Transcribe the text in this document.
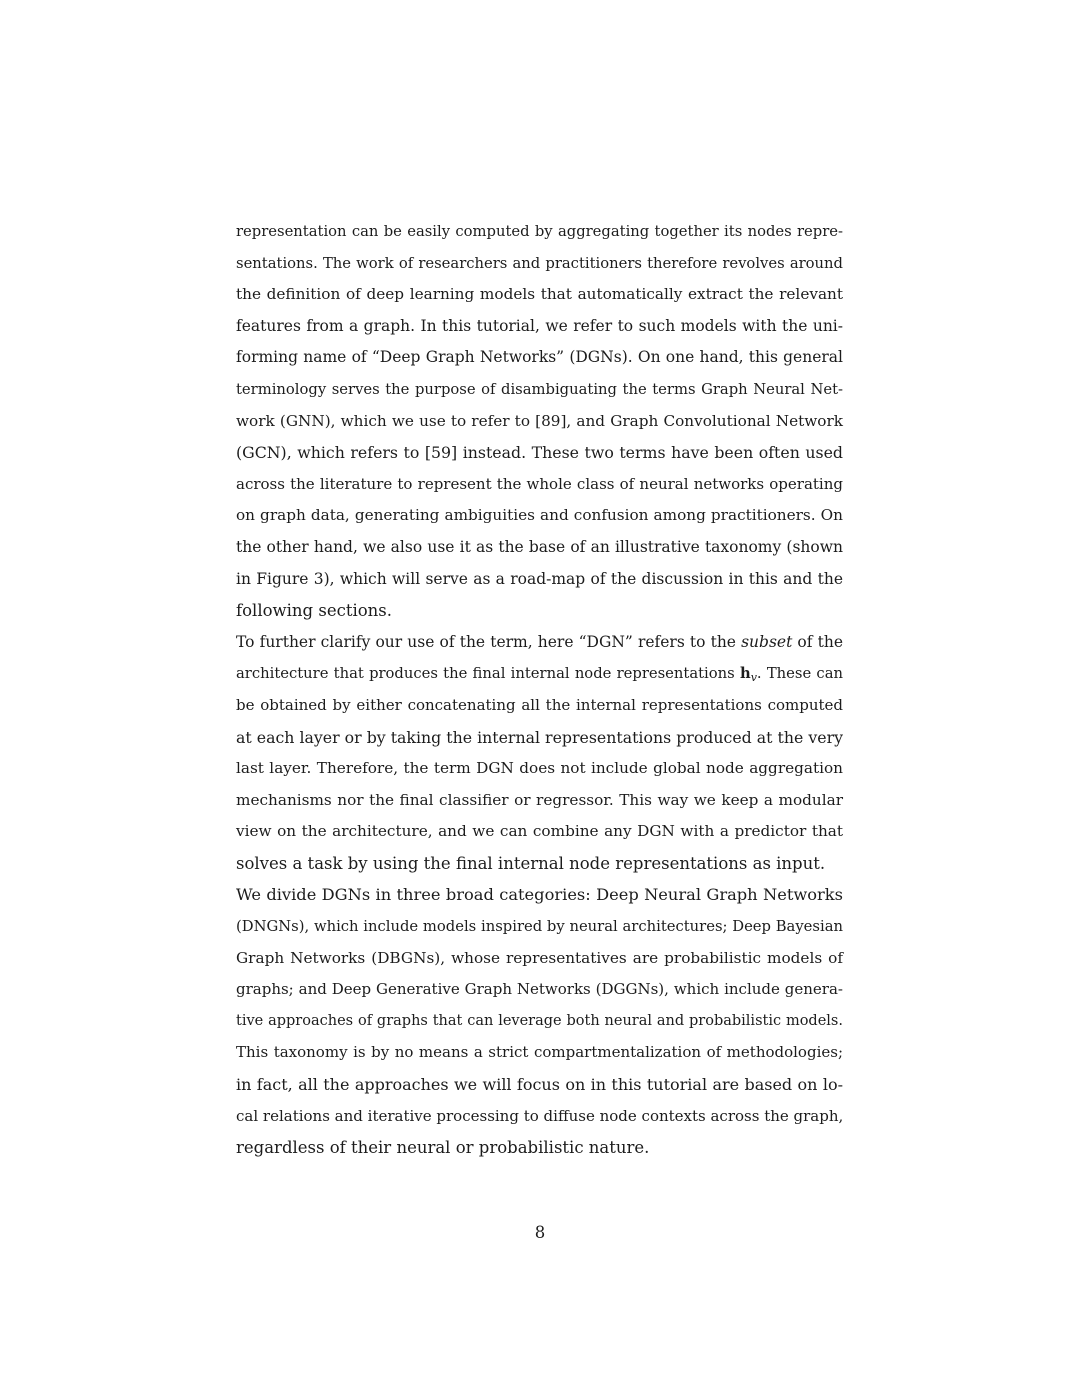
representation can be easily computed by aggregating together its nodes repre-
sentations. The work of researchers and practitioners therefore revolves around
the definition of deep learning models that automatically extract the relevant
features from a graph. In this tutorial, we refer to such models with the uni-
forming name of “Deep Graph Networks” (DGNs). On one hand, this general
terminology serves the purpose of disambiguating the terms Graph Neural Net-
work (GNN), which we use to refer to [89], and Graph Convolutional Network
(GCN), which refers to [59] instead. These two terms have been often used
across the literature to represent the whole class of neural networks operating
on graph data, generating ambiguities and confusion among practitioners. On
the other hand, we also use it as the base of an illustrative taxonomy (shown
in Figure 3), which will serve as a road-map of the discussion in this and the
following sections.
To further clarify our use of the term, here “DGN” refers to the subset of the
architecture that produces the final internal node representations $h_v$. These can
be obtained by either concatenating all the internal representations computed
at each layer or by taking the internal representations produced at the very
last layer. Therefore, the term DGN does not include global node aggregation
mechanisms nor the final classifier or regressor. This way we keep a modular
view on the architecture, and we can combine any DGN with a predictor that
solves a task by using the final internal node representations as input.
We divide DGNs in three broad categories: Deep Neural Graph Networks
(DNGNs), which include models inspired by neural architectures; Deep Bayesian
Graph Networks (DBGNs), whose representatives are probabilistic models of
graphs; and Deep Generative Graph Networks (DGGNs), which include genera-
tive approaches of graphs that can leverage both neural and probabilistic models.
This taxonomy is by no means a strict compartmentalization of methodologies;
in fact, all the approaches we will focus on in this tutorial are based on lo-
cal relations and iterative processing to diffuse node contexts across the graph,
regardless of their neural or probabilistic nature.
8
